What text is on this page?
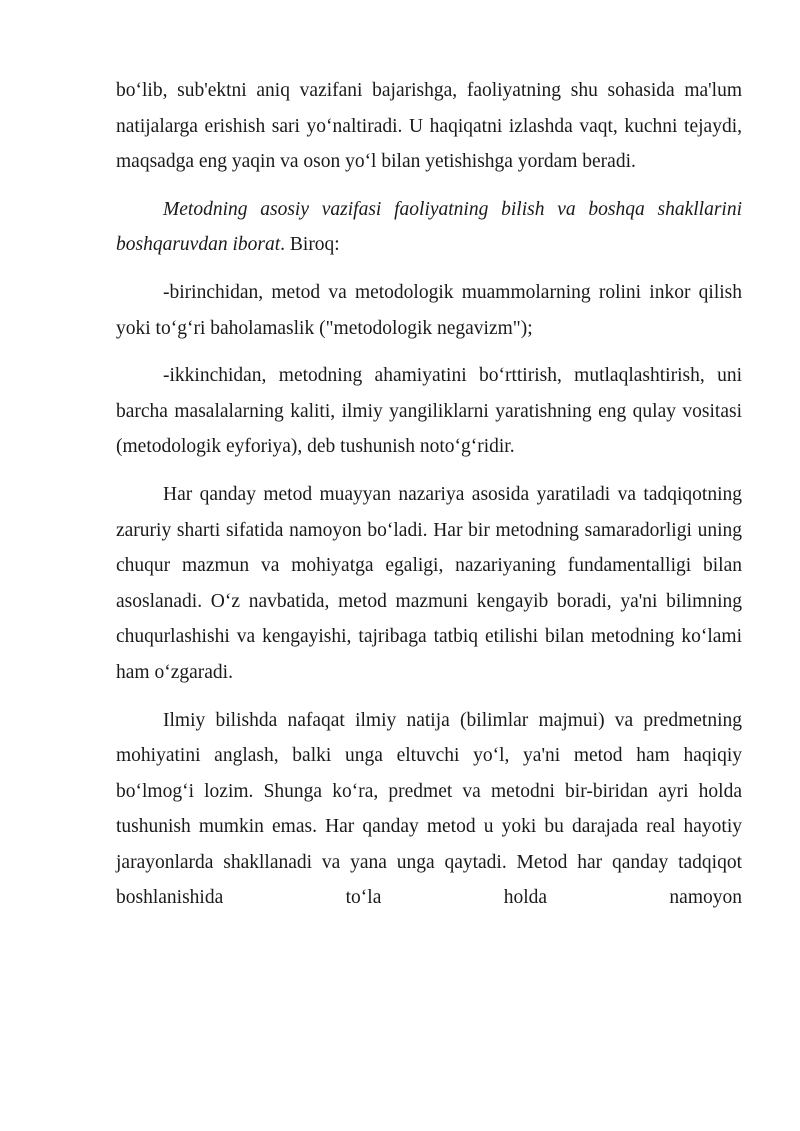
bo‘lib, sub'ektni aniq vazifani bajarishga, faoliyatning shu sohasida ma'lum natijalarga erishish sari yo‘naltiradi. U haqiqatni izlashda vaqt, kuchni tejaydi, maqsadga eng yaqin va oson yo‘l bilan yetishishga yordam beradi.

Metodning asosiy vazifasi faoliyatning bilish va boshqa shakllarini boshqaruvdan iborat. Biroq:

-birinchidan, metod va metodologik muammolarning rolini inkor qilish yoki to‘g‘ri baholamaslik ("metodologik negavizm");

-ikkinchidan, metodning ahamiyatini bo‘rttirish, mutlaqlashtirish, uni barcha masalalarning kaliti, ilmiy yangiliklarni yaratishning eng qulay vositasi (metodologik eyforiya), deb tushunish noto‘g‘ridir.

Har qanday metod muayyan nazariya asosida yaratiladi va tadqiqotning zaruriy sharti sifatida namoyon bo‘ladi. Har bir metodning samaradorligi uning chuqur mazmun va mohiyatga egaligi, nazariyaning fundamentalligi bilan asoslanadi. O‘z navbatida, metod mazmuni kengayib boradi, ya'ni bilimning chuqurlashishi va kengayishi, tajribaga tatbiq etilishi bilan metodning ko‘lami ham o‘zgaradi.

Ilmiy bilishda nafaqat ilmiy natija (bilimlar majmui) va predmetning mohiyatini anglash, balki unga eltuvchi yo‘l, ya'ni metod ham haqiqiy bo‘lmog‘i lozim. Shunga ko‘ra, predmet va metodni bir-biridan ayri holda tushunish mumkin emas. Har qanday metod u yoki bu darajada real hayotiy jarayonlarda shakllanadi va yana unga qaytadi. Metod har qanday tadqiqot boshlanishida to‘la holda namoyon
